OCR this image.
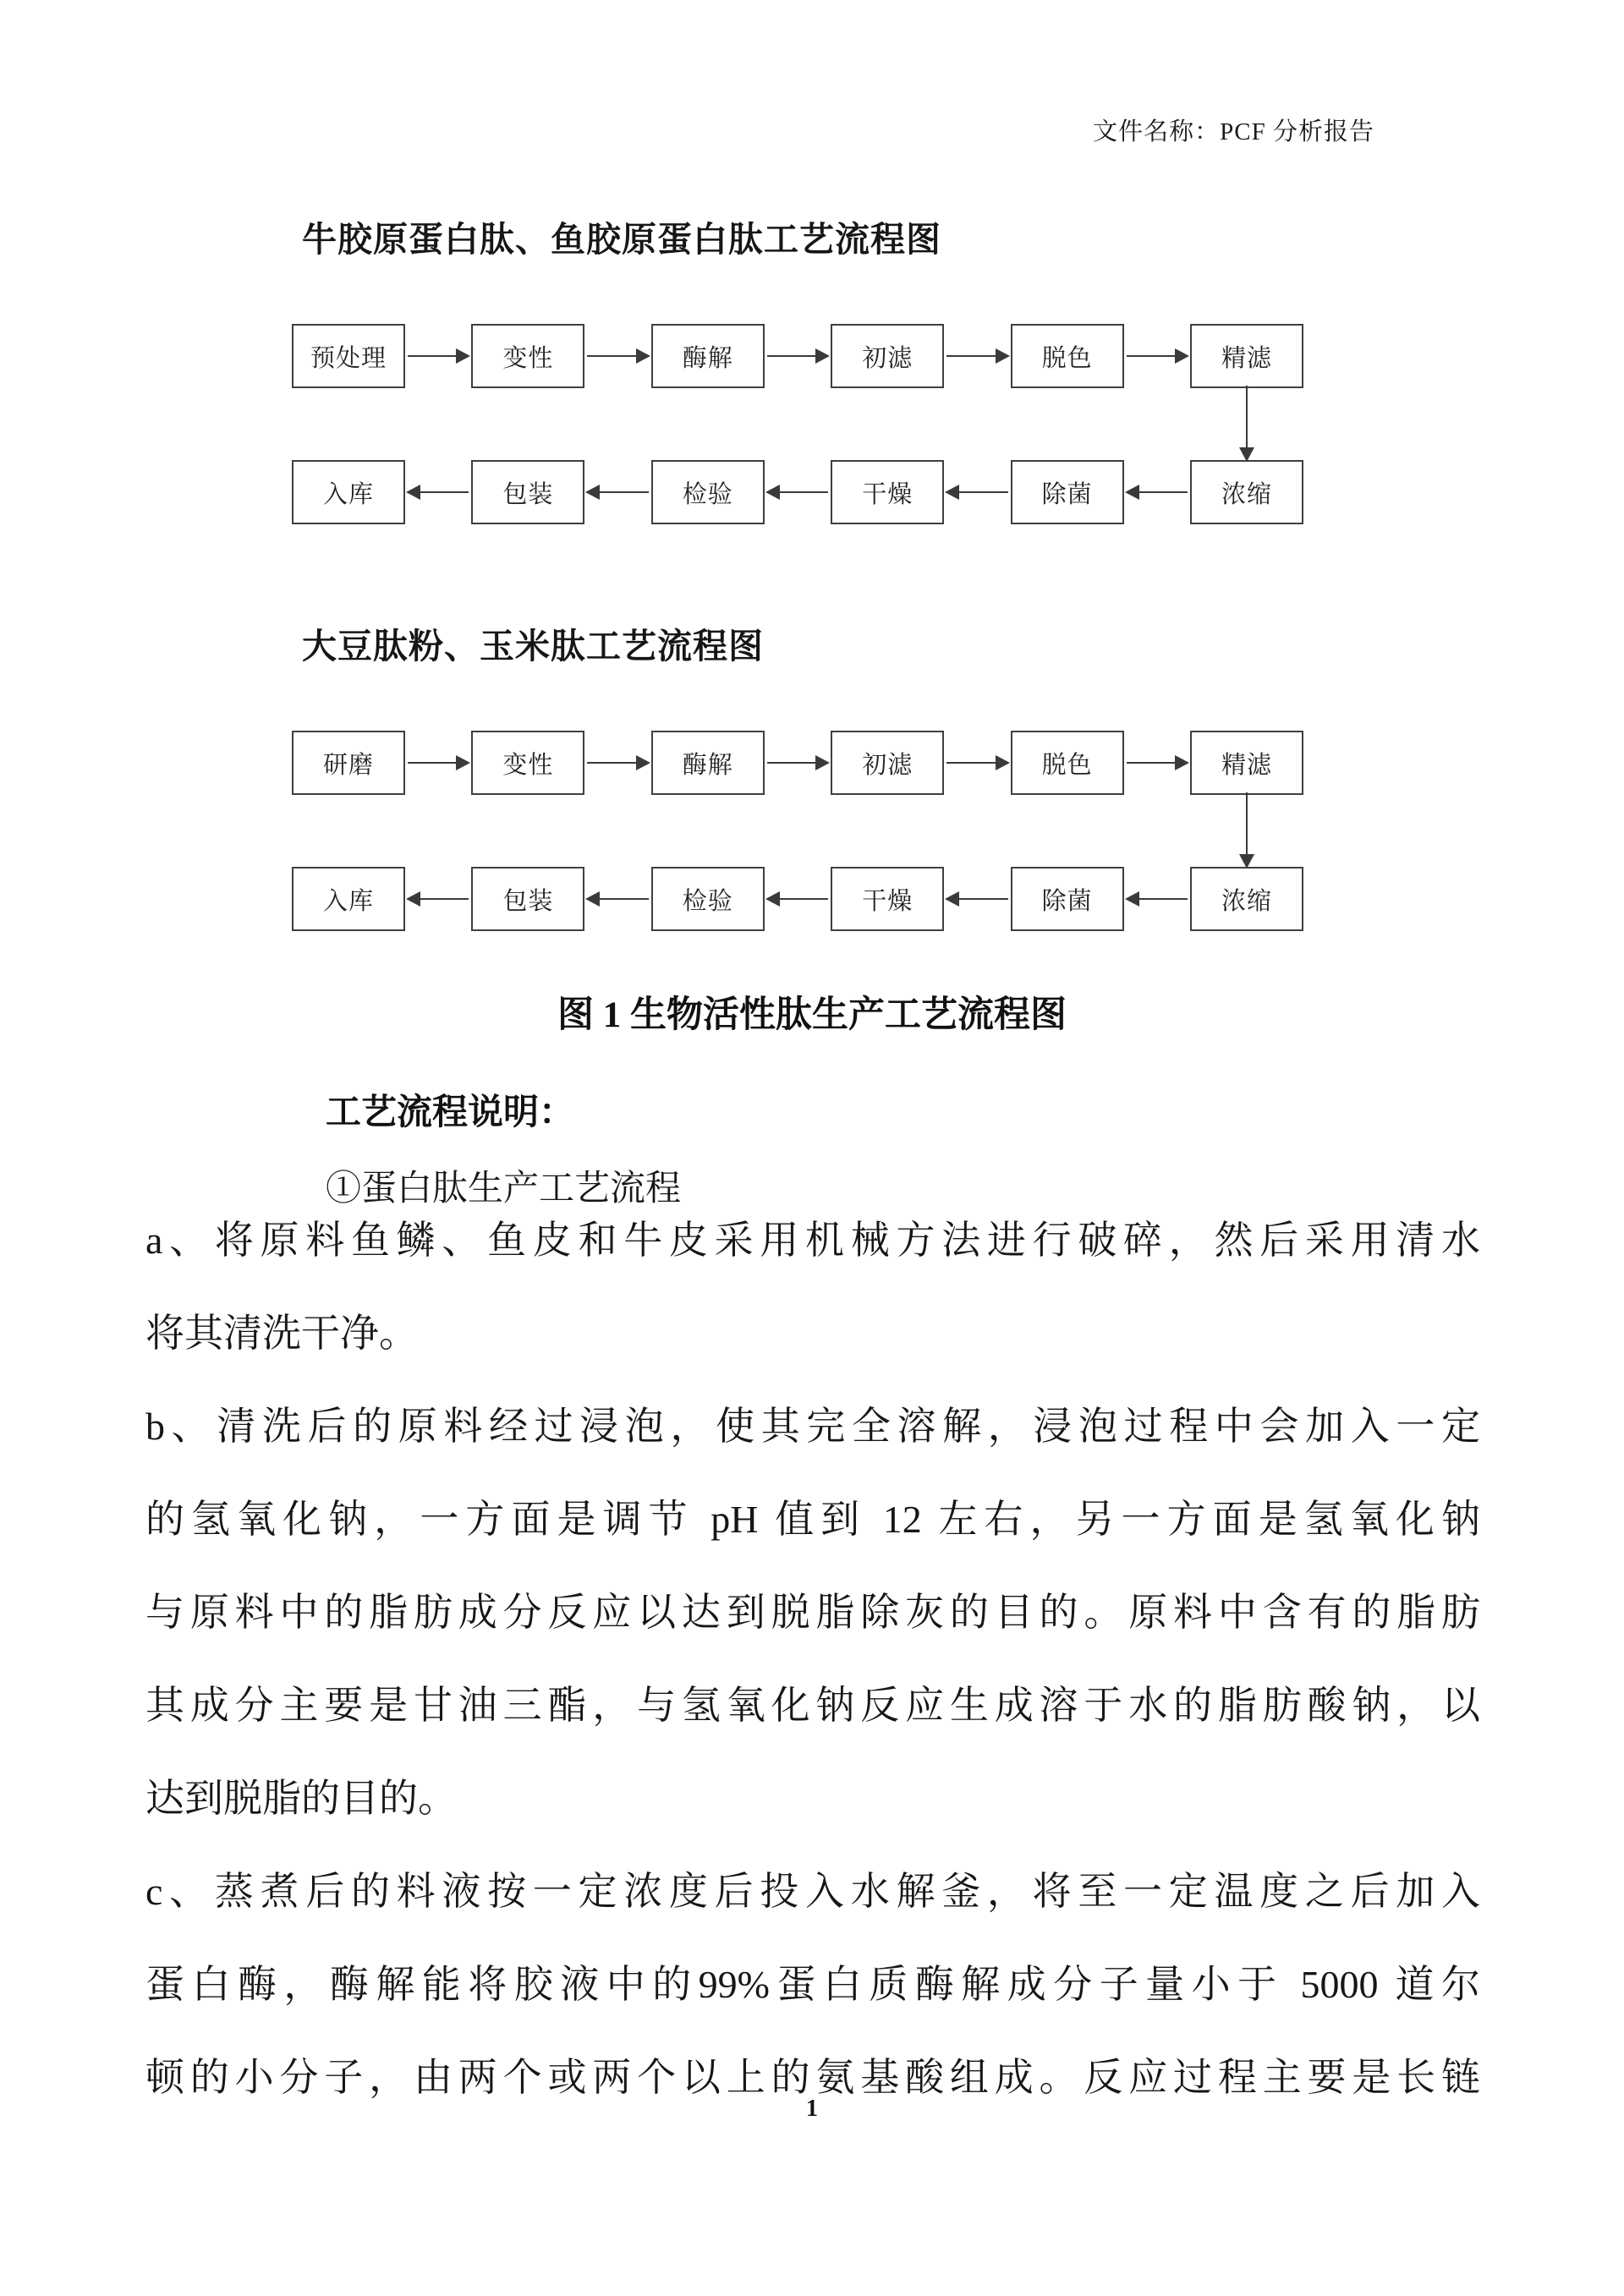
文件名称：PCF 分析报告
牛胶原蛋白肽、鱼胶原蛋白肽工艺流程图
预处理	变性	酶解	初滤	脱色	精滤
入库	包装	检验	干燥	除菌	浓缩
大豆肽粉、玉米肽工艺流程图
研磨	变性	酶解	初滤	脱色	精滤
入库	包装	检验	干燥	除菌	浓缩

图 1 生物活性肽生产工艺流程图

工艺流程说明：

①蛋白肽生产工艺流程

a、将原料鱼鳞、鱼皮和牛皮采用机械方法进行破碎，然后采用清水

将其清洗干净。

b、清洗后的原料经过浸泡，使其完全溶解，浸泡过程中会加入一定

的氢氧化钠，一方面是调节 pH 值到 12 左右，另一方面是氢氧化钠

与原料中的脂肪成分反应以达到脱脂除灰的目的。原料中含有的脂肪

其成分主要是甘油三酯，与氢氧化钠反应生成溶于水的脂肪酸钠，以

达到脱脂的目的。

c、蒸煮后的料液按一定浓度后投入水解釜，将至一定温度之后加入

蛋白酶，酶解能将胶液中的99%蛋白质酶解成分子量小于 5000 道尔

顿的小分子，由两个或两个以上的氨基酸组成。反应过程主要是长链

1
